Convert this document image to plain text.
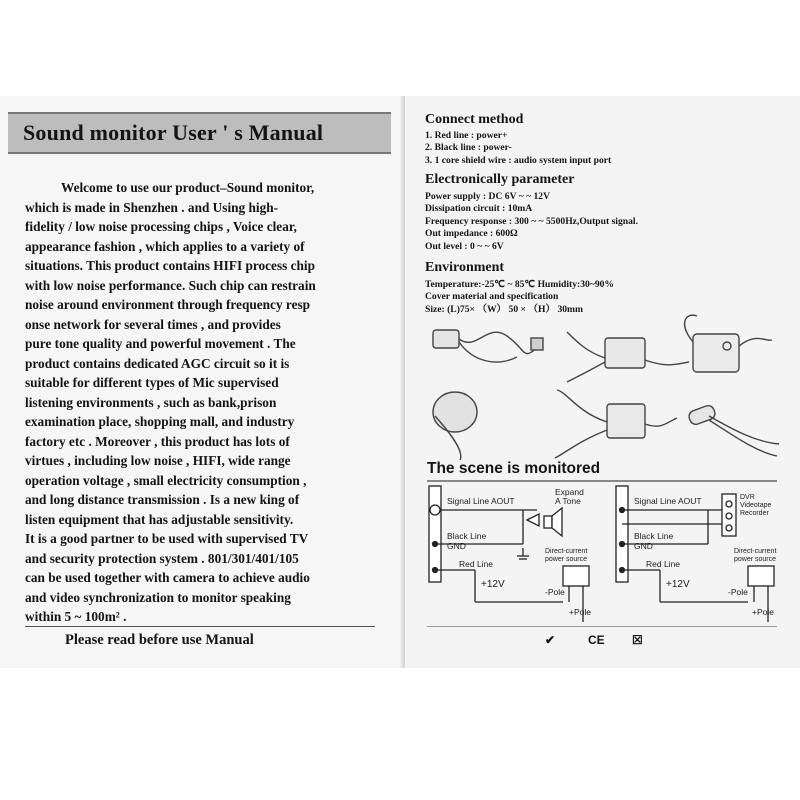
Sound monitor User ' s Manual
Welcome to use our product–Sound monitor,
which is made in Shenzhen . and Using high-
fidelity / low noise processing chips , Voice clear,
appearance fashion , which applies to a variety of
situations. This product contains HIFI process chip
with low noise performance. Such chip can restrain
noise around environment through frequency resp
onse network for several times , and provides
pure tone quality and powerful movement . The
product contains dedicated AGC circuit so it is
suitable for different types of Mic supervised
listening environments , such as bank,prison
examination place, shopping mall, and industry
factory etc . Moreover , this product has lots of
virtues , including low noise , HIFI, wide range
operation voltage , small electricity consumption ,
and long distance transmission . Is a new king of
listen equipment that has adjustable sensitivity.
It is a good partner to be used with supervised TV
and security protection system . 801/301/401/105
can be used together with camera to achieve audio
and video synchronization to monitor speaking
within 5 ~ 100m² .
Please read before use Manual
Connect method
1. Red line : power+
2. Black line : power-
3. 1 core shield wire : audio system input port
Electronically parameter
Power supply : DC 6V ~ ~ 12V
Dissipation circuit : 10mA
Frequency response : 300 ~ ~ 5500Hz,Output signal.
Out impedance : 600Ω
Out level : 0 ~ ~ 6V
Environment
Temperature:-25℃ ~ 85℃ Humidity:30~90%
Cover material and specification
Size: (L)75× （W） 50 × （H） 30mm
The scene is monitored
Signal Line AOUT
Black Line
GND
Red Line
+12V
-Pole
+Pole
Expand
A Tone
Direct-current
power source
Signal Line AOUT
Black Line
GND
Red Line
+12V
-Pole
+Pole
DVR
Videotape
Recorder
Direct-current
power source
✔	CE ☒
